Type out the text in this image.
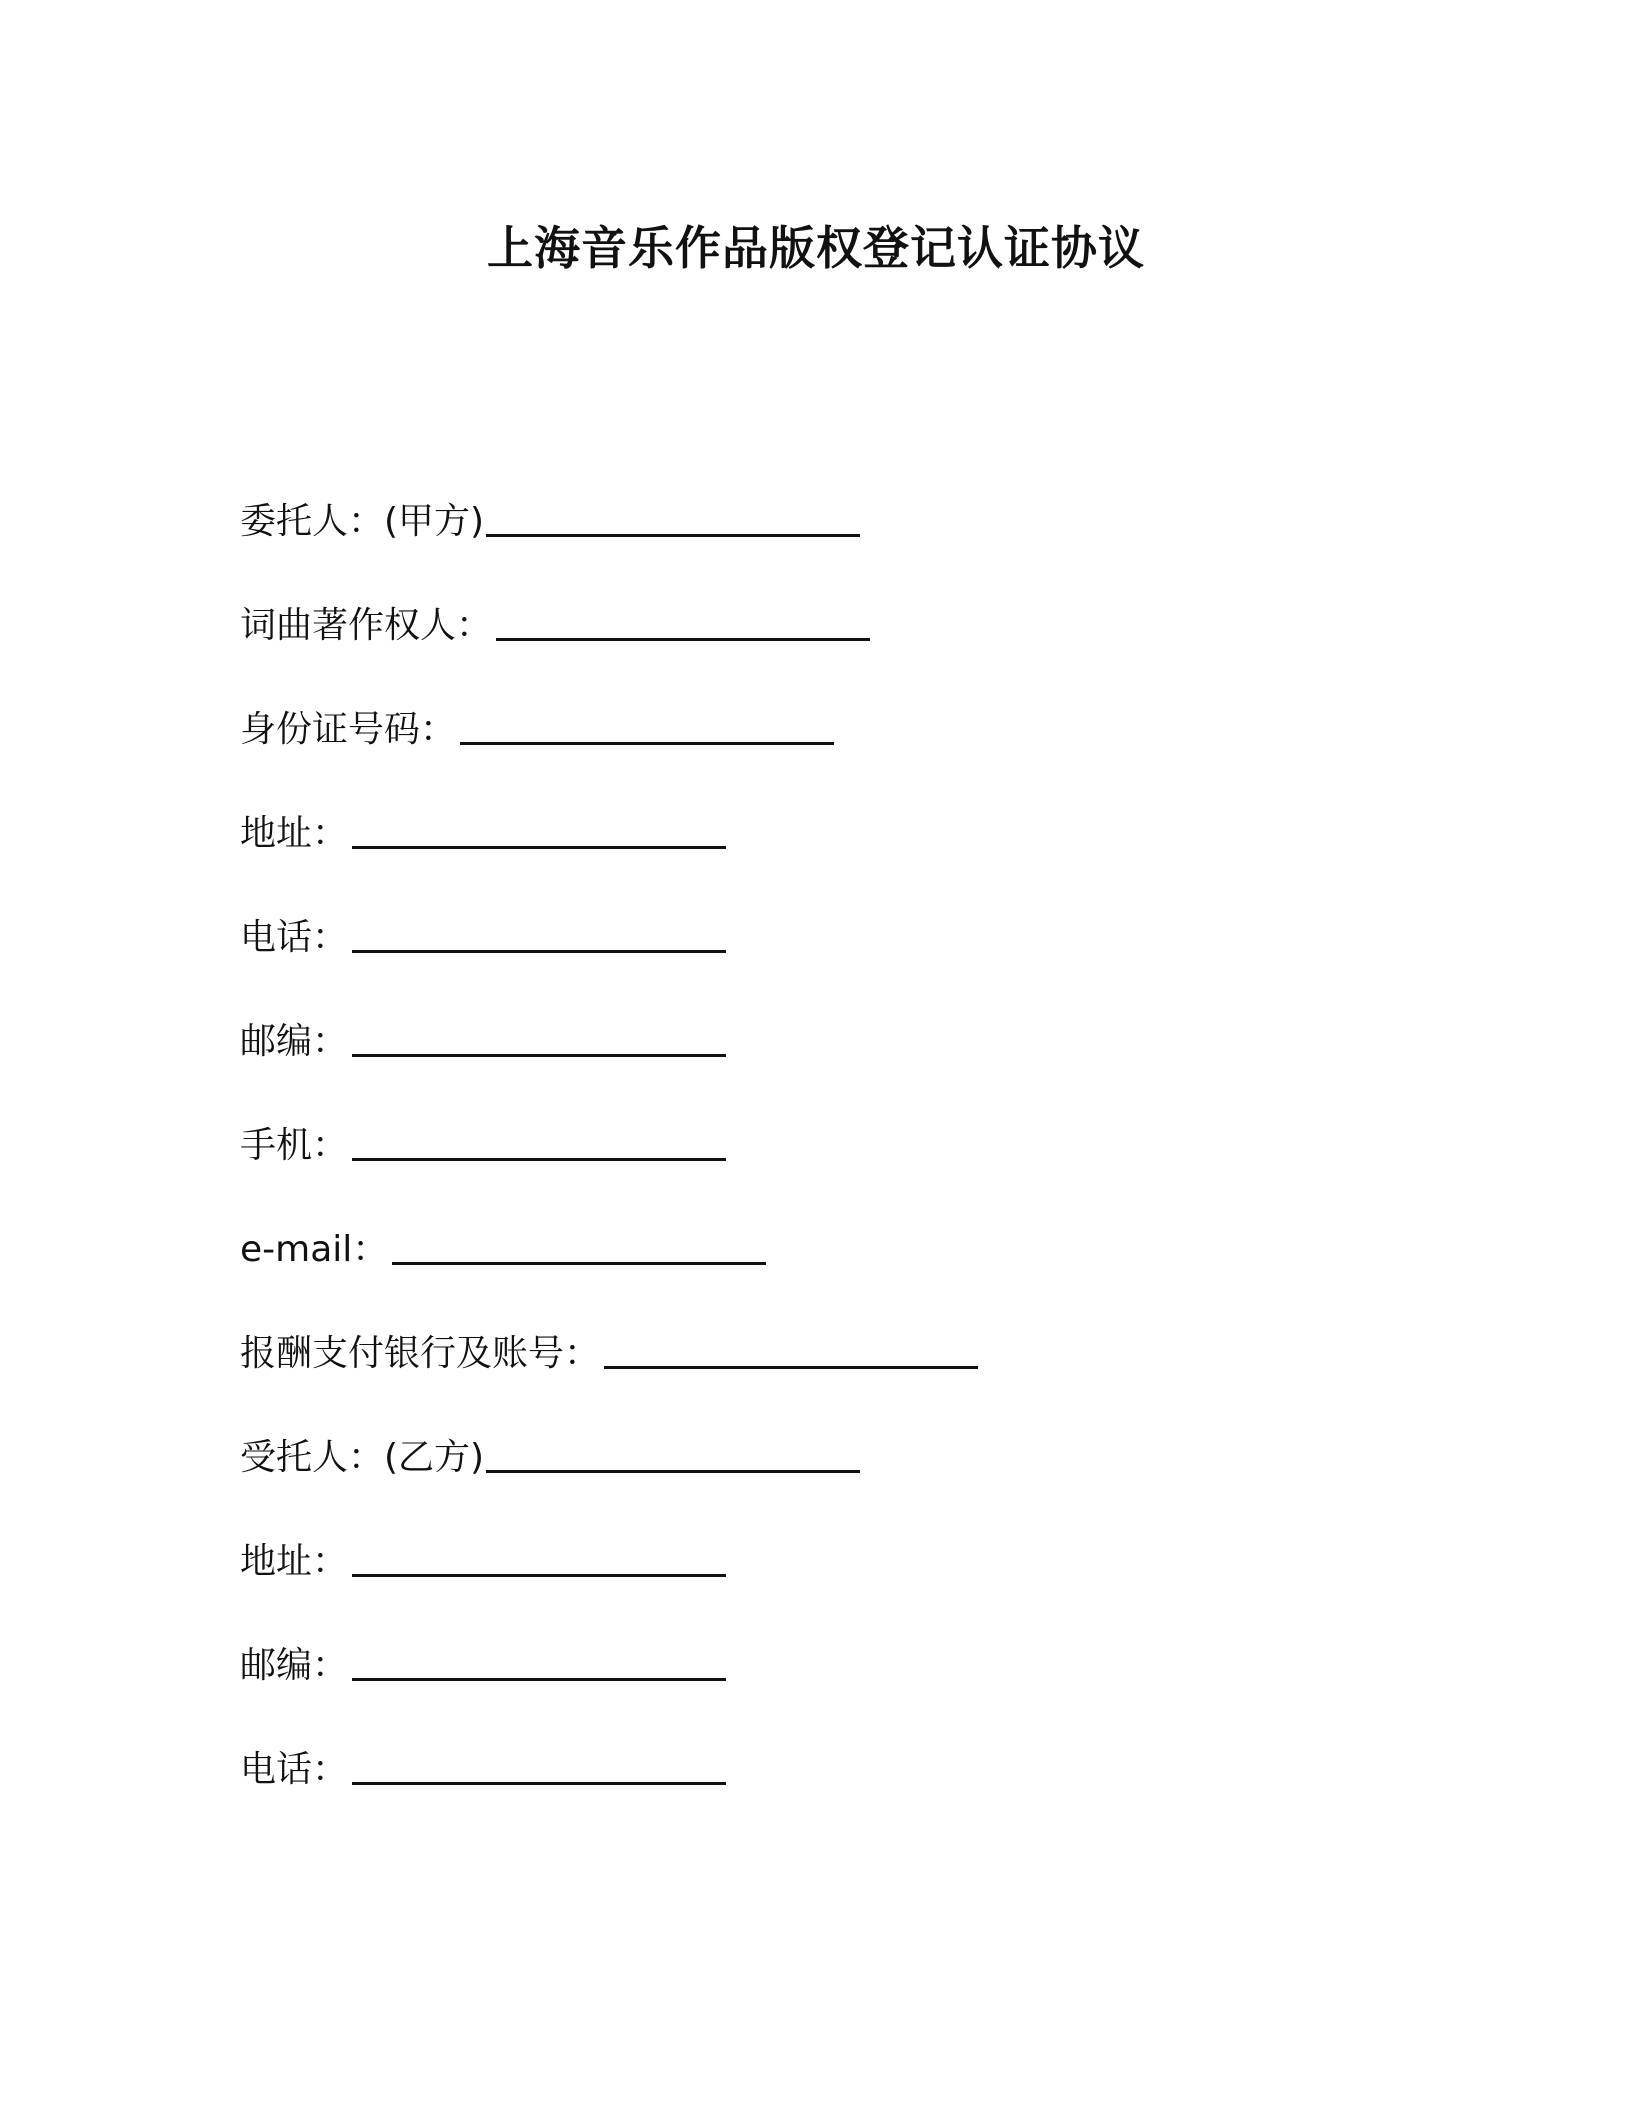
上海音乐作品版权登记认证协议
委托人：(甲方)
词曲著作权人：
身份证号码：
地址：
电话：
邮编：
手机：
e-mail：
报酬支付银行及账号：
受托人：(乙方)
地址：
邮编：
电话：
